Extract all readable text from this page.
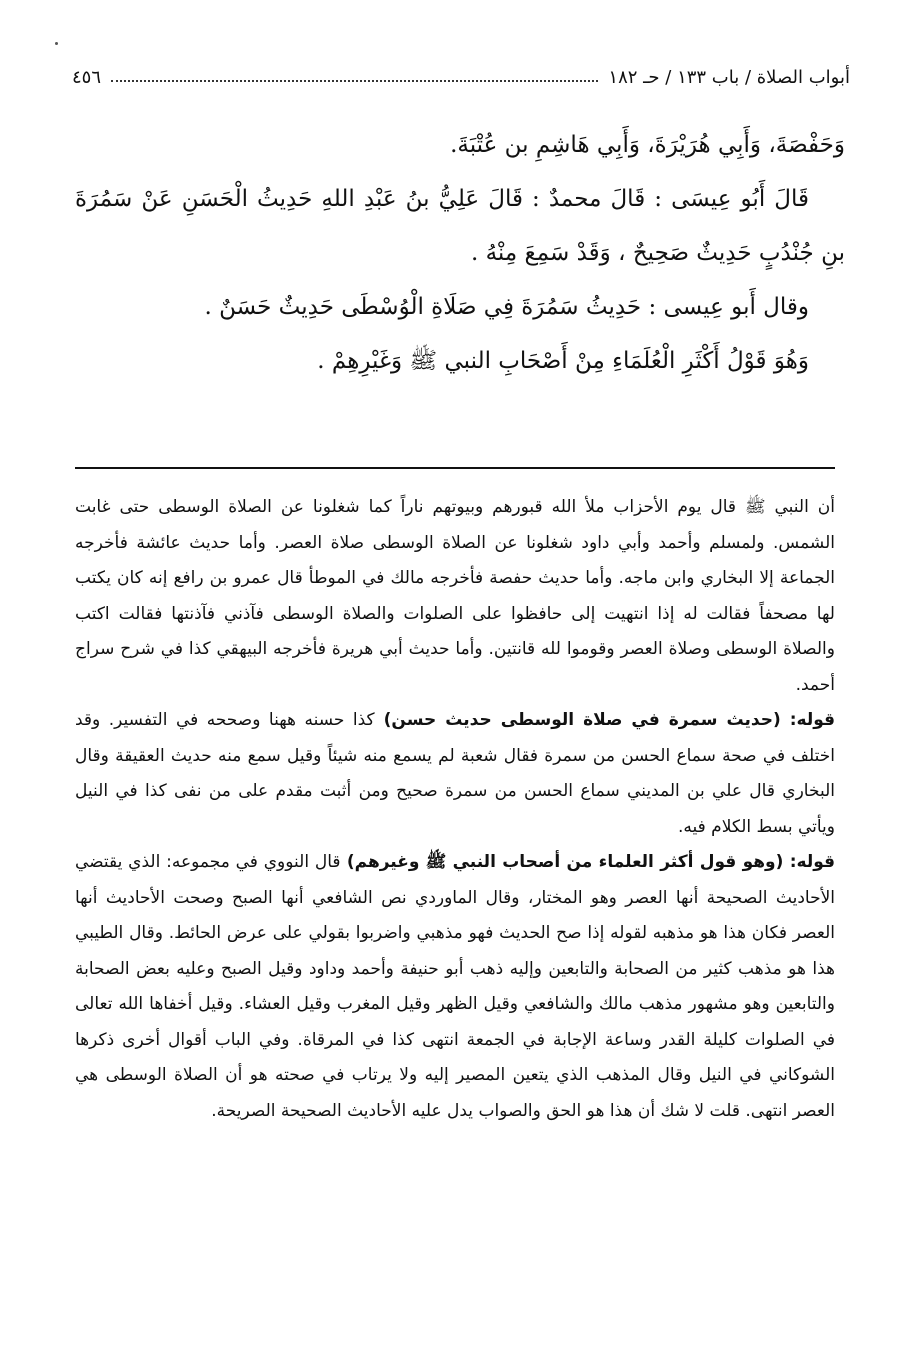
أبواب الصلاة / باب ١٣٣ / حـ ١٨٢
٤٥٦

وَحَفْصَةَ، وَأَبِي هُرَيْرَةَ، وَأَبِي هَاشِمِ بن عُتْبَةَ.

قَالَ أَبُو عِيسَى : قَالَ محمدٌ : قَالَ عَلِيُّ بنُ عَبْدِ اللهِ حَدِيثُ الْحَسَنِ عَنْ سَمُرَةَ بنِ جُنْدُبٍ حَدِيثٌ صَحِيحٌ ، وَقَدْ سَمِعَ مِنْهُ .

وقال أَبو عِيسى : حَدِيثُ سَمُرَةَ فِي صَلَاةِ الْوُسْطَى حَدِيثٌ حَسَنٌ .

وَهُوَ قَوْلُ أَكْثَرِ الْعُلَمَاءِ مِنْ أَصْحَابِ النبي ﷺ وَغَيْرِهِمْ .

أن النبي ﷺ قال يوم الأحزاب ملأ الله قبورهم وبيوتهم ناراً كما شغلونا عن الصلاة الوسطى حتى غابت الشمس. ولمسلم وأحمد وأبي داود شغلونا عن الصلاة الوسطى صلاة العصر. وأما حديث عائشة فأخرجه الجماعة إلا البخاري وابن ماجه. وأما حديث حفصة فأخرجه مالك في الموطأ قال عمرو بن رافع إنه كان يكتب لها مصحفاً فقالت له إذا انتهيت إلى حافظوا على الصلوات والصلاة الوسطى فآذني فآذنتها فقالت اكتب والصلاة الوسطى وصلاة العصر وقوموا لله قانتين. وأما حديث أبي هريرة فأخرجه البيهقي كذا في شرح سراج أحمد.

قوله: (حديث سمرة في صلاة الوسطى حديث حسن) كذا حسنه ههنا وصححه في التفسير. وقد اختلف في صحة سماع الحسن من سمرة فقال شعبة لم يسمع منه شيئاً وقيل سمع منه حديث العقيقة وقال البخاري قال علي بن المديني سماع الحسن من سمرة صحيح ومن أثبت مقدم على من نفى كذا في النيل ويأتي بسط الكلام فيه.

قوله: (وهو قول أكثر العلماء من أصحاب النبي ﷺ وغيرهم) قال النووي في مجموعه: الذي يقتضي الأحاديث الصحيحة أنها العصر وهو المختار، وقال الماوردي نص الشافعي أنها الصبح وصحت الأحاديث أنها العصر فكان هذا هو مذهبه لقوله إذا صح الحديث فهو مذهبي واضربوا بقولي على عرض الحائط. وقال الطيبي هذا هو مذهب كثير من الصحابة والتابعين وإليه ذهب أبو حنيفة وأحمد وداود وقيل الصبح وعليه بعض الصحابة والتابعين وهو مشهور مذهب مالك والشافعي وقيل الظهر وقيل المغرب وقيل العشاء. وقيل أخفاها الله تعالى في الصلوات كليلة القدر وساعة الإجابة في الجمعة انتهى كذا في المرقاة. وفي الباب أقوال أخرى ذكرها الشوكاني في النيل وقال المذهب الذي يتعين المصير إليه ولا يرتاب في صحته هو أن الصلاة الوسطى هي العصر انتهى. قلت لا شك أن هذا هو الحق والصواب يدل عليه الأحاديث الصحيحة الصريحة.
